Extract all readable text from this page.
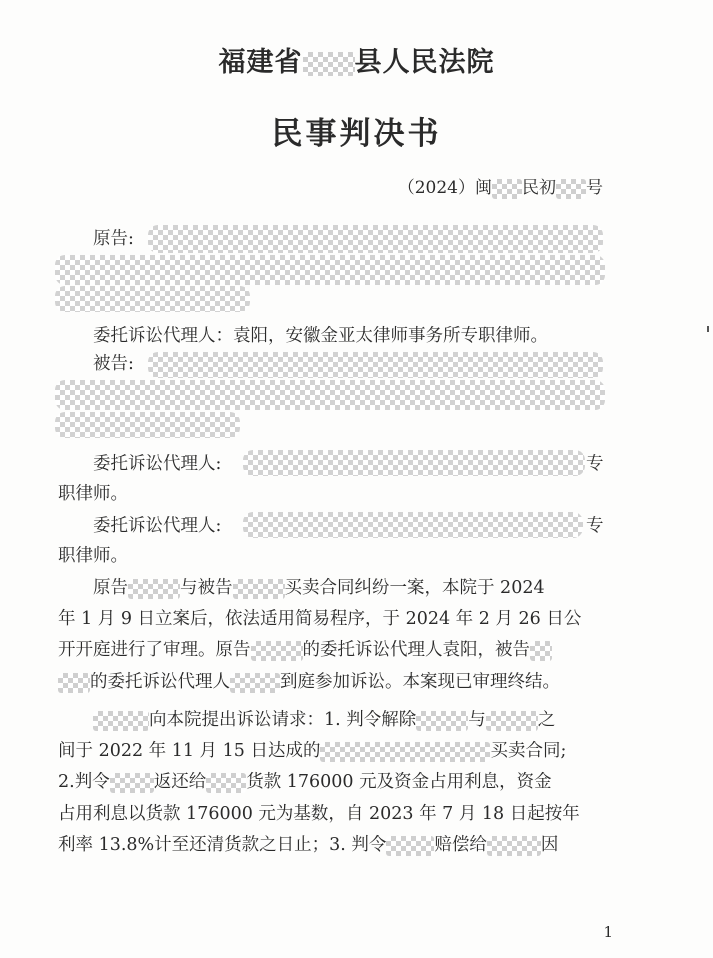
福建省 县人民法院
民事判决书
（2024）闽 民初 号
原告:
委托诉讼代理人：袁阳，安徽金亚太律师事务所专职律师。
被告:
委托诉讼代理人:	专
职律师。
委托诉讼代理人:	专
职律师。
原告	与被告	买卖合同纠纷一案，本院于 2024
年 1 月 9 日立案后，依法适用简易程序，于 2024 年 2 月 26 日公
开开庭进行了审理。原告	的委托诉讼代理人袁阳，被告
的委托诉讼代理人	到庭参加诉讼。本案现已审理终结。
向本院提出诉讼请求：1. 判令解除	与	之
间于 2022 年 11 月 15 日达成的	买卖合同;
2.判令	返还给 货款 176000 元及资金占用利息，资金
占用利息以货款 176000 元为基数，自 2023 年 7 月 18 日起按年
利率 13.8%计至还清货款之日止；3. 判令	赔偿给	因
1
